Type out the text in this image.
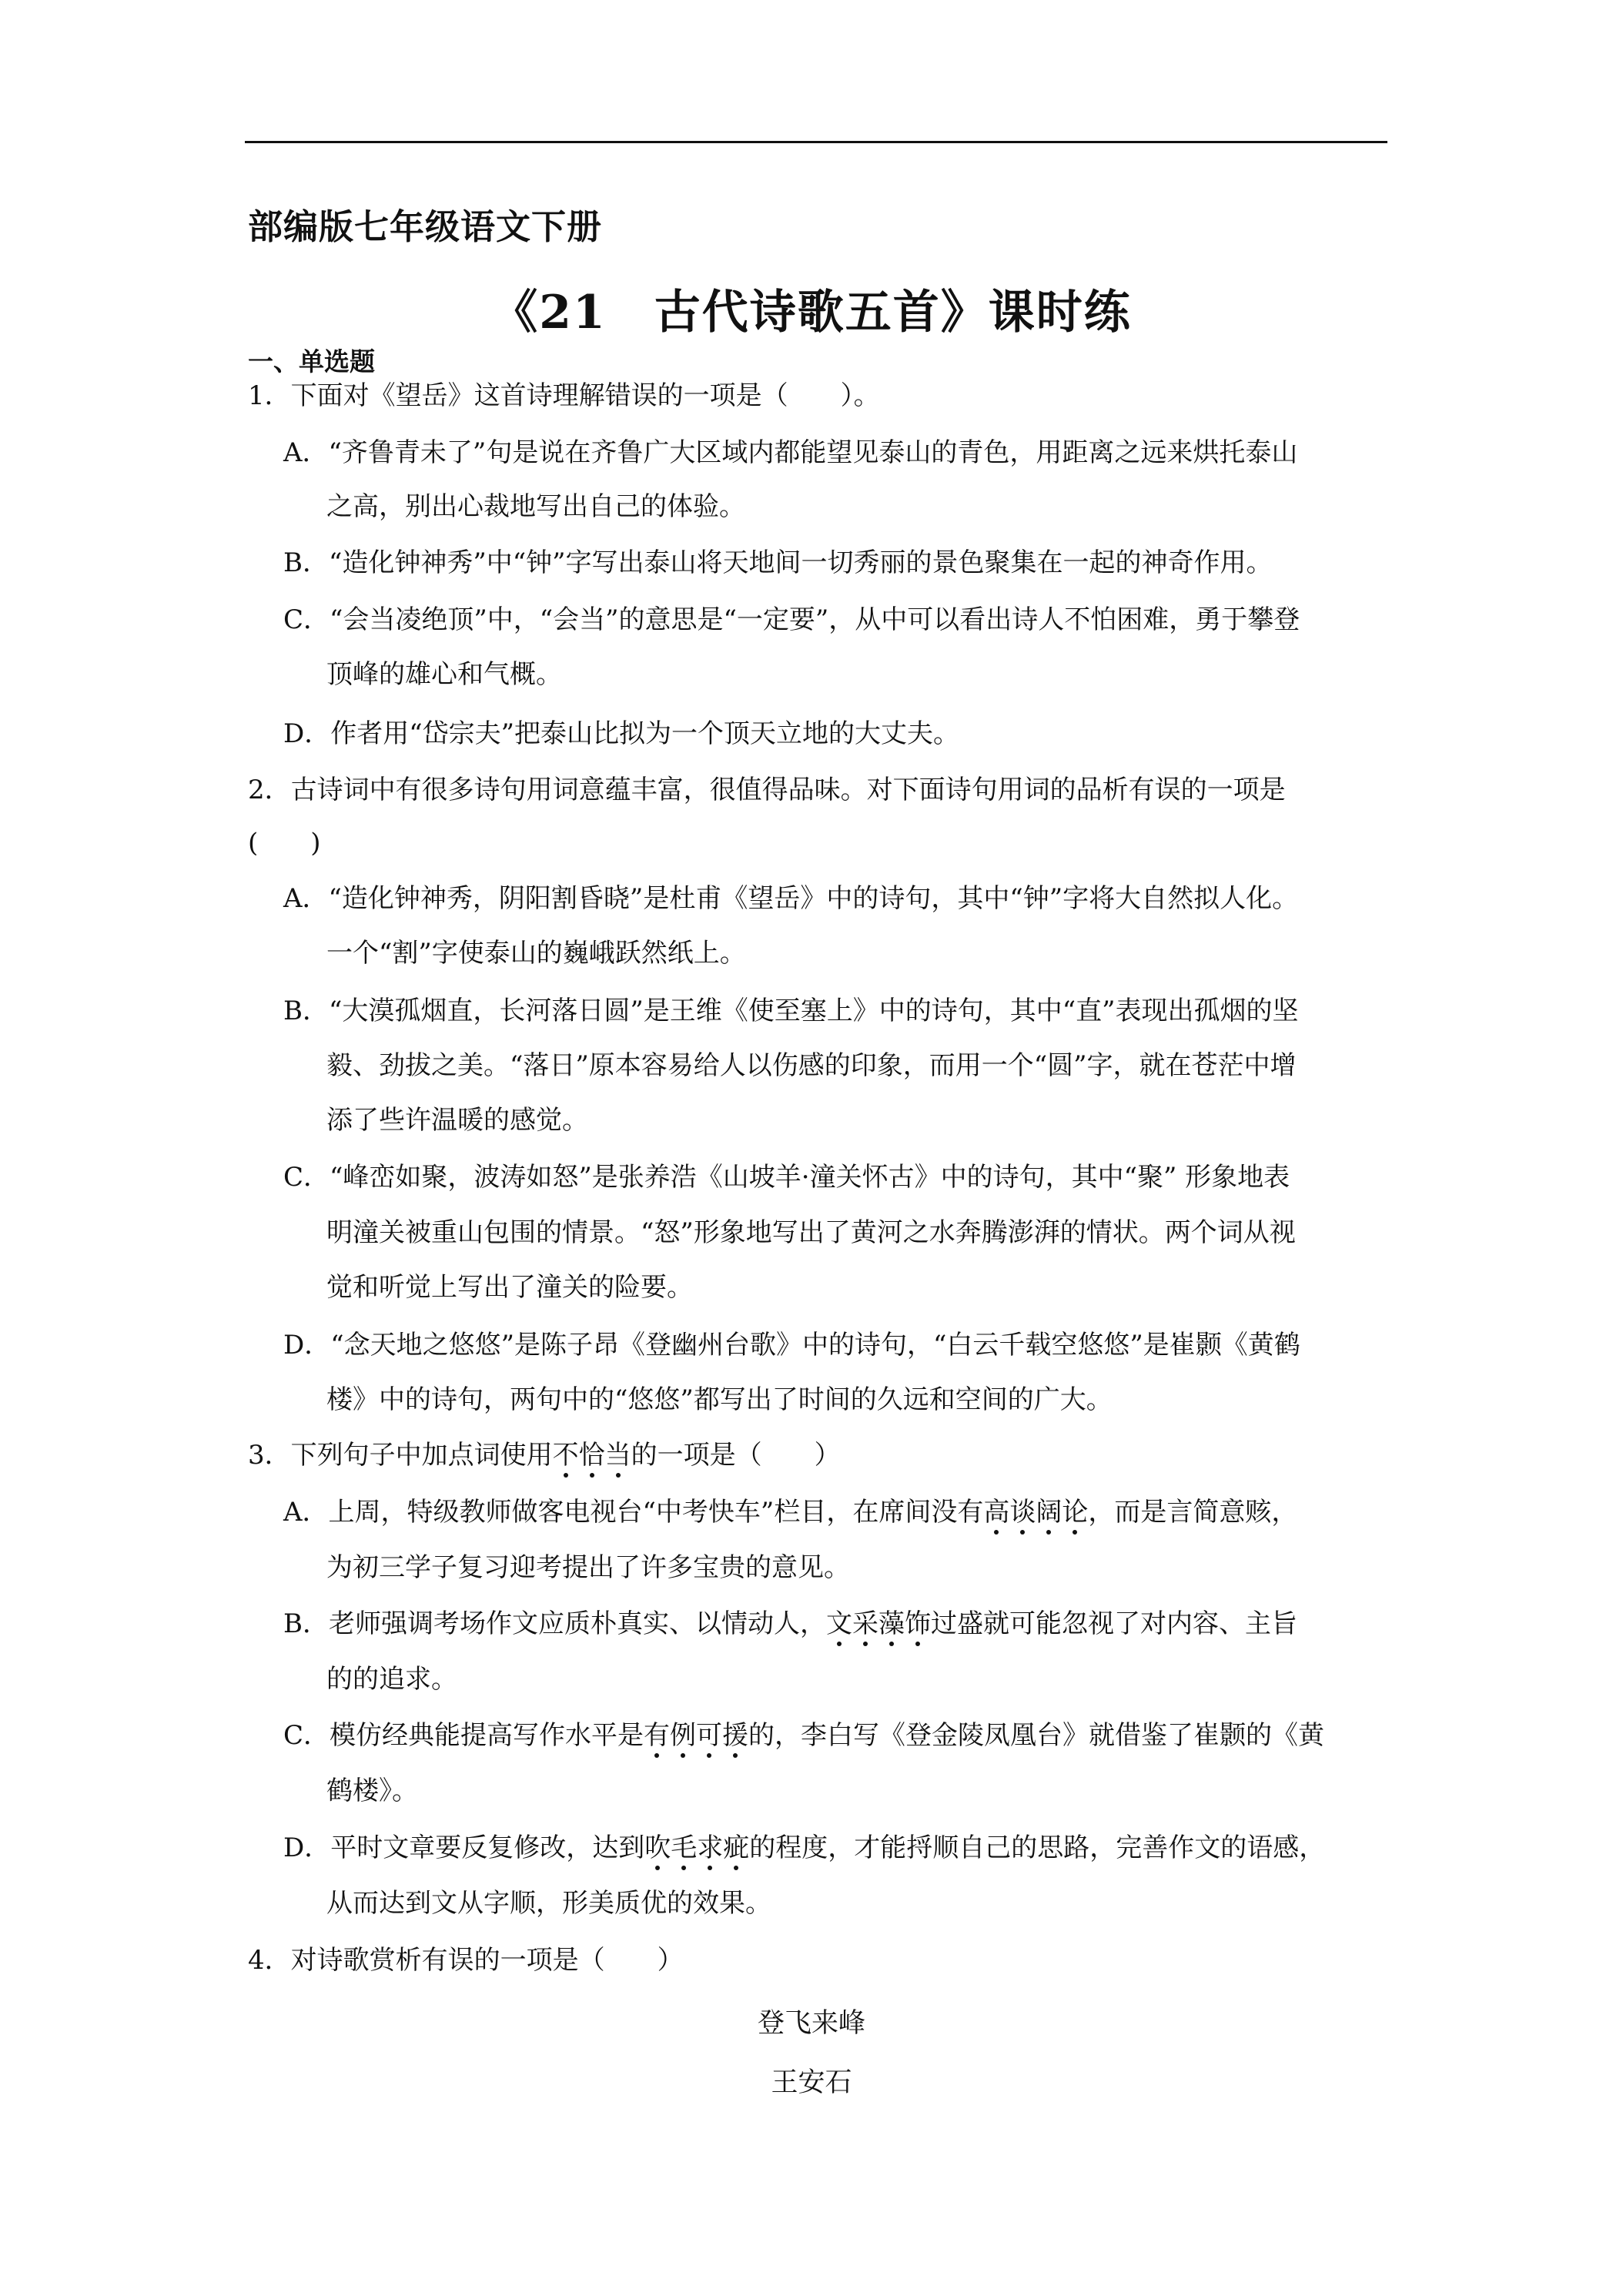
部编版七年级语文下册
《21　古代诗歌五首》课时练
一、单选题
1．下面对《望岳》这首诗理解错误的一项是（　　）。
A．“齐鲁青未了”句是说在齐鲁广大区域内都能望见泰山的青色，用距离之远来烘托泰山
之高，别出心裁地写出自己的体验。
B．“造化钟神秀”中“钟”字写出泰山将天地间一切秀丽的景色聚集在一起的神奇作用。
C．“会当凌绝顶”中，“会当”的意思是“一定要”，从中可以看出诗人不怕困难，勇于攀登
顶峰的雄心和气概。
D．作者用“岱宗夫”把泰山比拟为一个顶天立地的大丈夫。
2．古诗词中有很多诗句用词意蕴丰富，很值得品味。对下面诗句用词的品析有误的一项是
(　　)
A．“造化钟神秀，阴阳割昏晓”是杜甫《望岳》中的诗句，其中“钟”字将大自然拟人化。
一个“割”字使泰山的巍峨跃然纸上。
B．“大漠孤烟直，长河落日圆”是王维《使至塞上》中的诗句，其中“直”表现出孤烟的坚
毅、劲拔之美。“落日”原本容易给人以伤感的印象，而用一个“圆”字，就在苍茫中增
添了些许温暖的感觉。
C．“峰峦如聚，波涛如怒”是张养浩《山坡羊·潼关怀古》中的诗句，其中“聚” 形象地表
明潼关被重山包围的情景。“怒”形象地写出了黄河之水奔腾澎湃的情状。两个词从视
觉和听觉上写出了潼关的险要。
D．“念天地之悠悠”是陈子昂《登幽州台歌》中的诗句，“白云千载空悠悠”是崔颢《黄鹤
楼》中的诗句，两句中的“悠悠”都写出了时间的久远和空间的广大。
3．下列句子中加点词使用不恰当的一项是（　　）
A．上周，特级教师做客电视台“中考快车”栏目，在席间没有高谈阔论，而是言简意赅，
为初三学子复习迎考提出了许多宝贵的意见。
B．老师强调考场作文应质朴真实、以情动人，文采藻饰过盛就可能忽视了对内容、主旨
的的追求。
C．模仿经典能提高写作水平是有例可援的，李白写《登金陵凤凰台》就借鉴了崔颢的《黄
鹤楼》。
D．平时文章要反复修改，达到吹毛求疵的程度，才能捋顺自己的思路，完善作文的语感，
从而达到文从字顺，形美质优的效果。
4．对诗歌赏析有误的一项是（　　）
登飞来峰
王安石
